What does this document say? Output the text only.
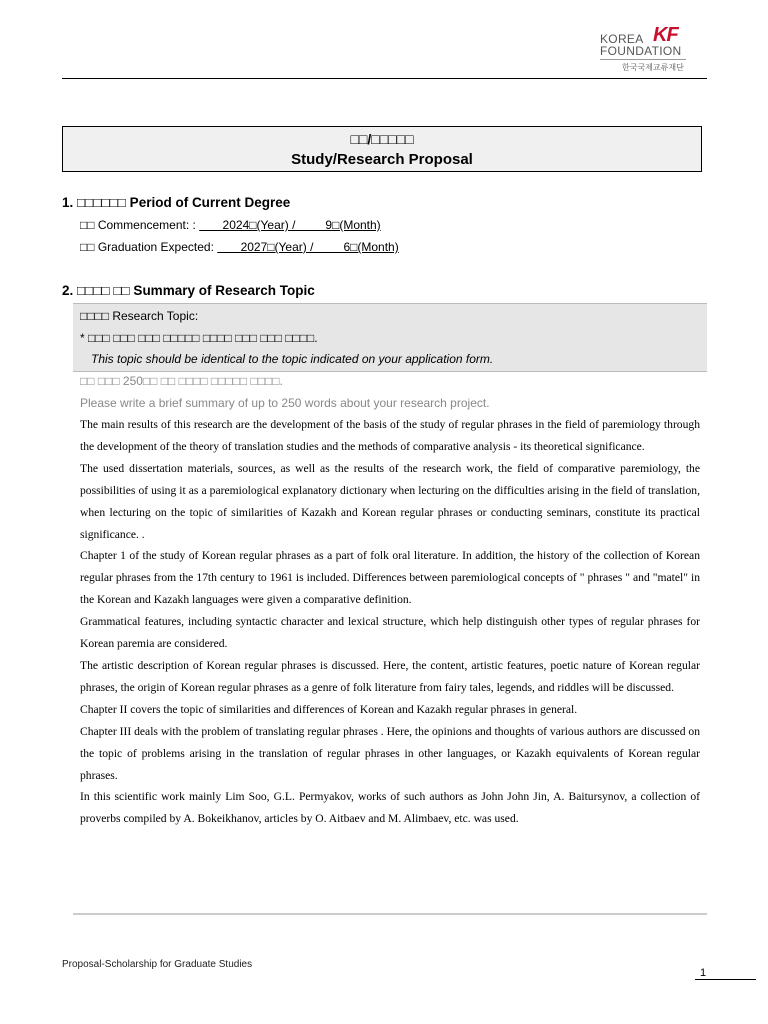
KF
KOREA
FOUNDATION
한국국제교류재단
□□/□□□□□
Study/Research Proposal
1. □□□□□□ Period of Current Degree
□□ Commencement: :        2024□(Year) /         9□(Month)
□□ Graduation Expected:        2027□(Year) /         6□(Month)
2. □□□□ □□ Summary of Research Topic
□□□□ Research Topic:
* □□□ □□□ □□□ □□□□□ □□□□ □□□ □□□ □□□□.
This topic should be identical to the topic indicated on your application form.
□□ □□□ 250□□ □□ □□□□ □□□□□ □□□□.
Please write a brief summary of up to 250 words about your research project.

The main results of this research are the development of the basis of the study of regular phrases in the field of paremiology through the development of the theory of translation studies and the methods of comparative analysis - its theoretical significance.

The used dissertation materials, sources, as well as the results of the research work, the field of comparative paremiology, the possibilities of using it as a paremiological explanatory dictionary when lecturing on the difficulties arising in the field of translation, when lecturing on the topic of similarities of Kazakh and Korean regular phrases or conducting seminars, constitute its practical significance. .

Chapter 1 of the study of Korean regular phrases as a part of folk oral literature. In addition, the history of the collection of Korean regular phrases from the 17th century to 1961 is included. Differences between paremiological concepts of " phrases " and "matel" in the Korean and Kazakh languages were given a comparative definition.

Grammatical features, including syntactic character and lexical structure, which help distinguish other types of regular phrases for Korean paremia are considered.

The artistic description of Korean regular phrases is discussed. Here, the content, artistic features, poetic nature of Korean regular phrases, the origin of Korean regular phrases as a genre of folk literature from fairy tales, legends, and riddles will be discussed.

Chapter II covers the topic of similarities and differences of Korean and Kazakh regular phrases in general.

Chapter III deals with the problem of translating regular phrases . Here, the opinions and thoughts of various authors are discussed on the topic of problems arising in the translation of regular phrases in other languages, or Kazakh equivalents of Korean regular phrases.

In this scientific work mainly Lim Soo, G.L. Permyakov, works of such authors as John John Jin, A. Baitursynov, a collection of proverbs compiled by A. Bokeikhanov, articles by O. Aitbaev and M. Alimbaev, etc. was used.

Proposal-Scholarship for Graduate Studies
1
